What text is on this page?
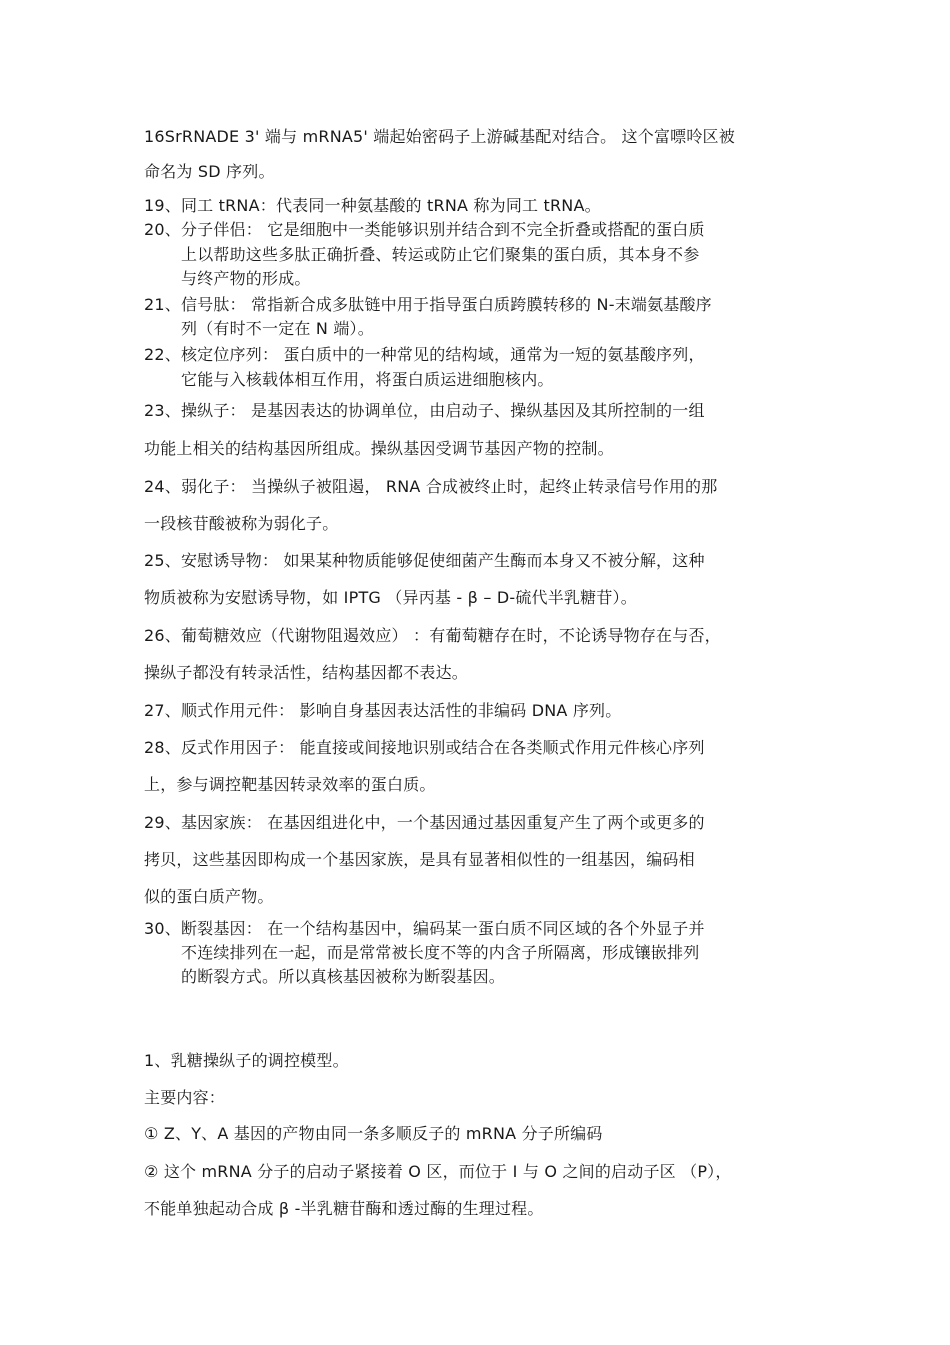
16SrRNADE 3' 端与 mRNA5' 端起始密码子上游碱基配对结合。 这个富嘌呤区被
命名为 SD 序列。
19、同工 tRNA：代表同一种氨基酸的 tRNA 称为同工 tRNA。
20、分子伴侣： 它是细胞中一类能够识别并结合到不完全折叠或搭配的蛋白质
上以帮助这些多肽正确折叠、转运或防止它们聚集的蛋白质，其本身不参
与终产物的形成。
21、信号肽： 常指新合成多肽链中用于指导蛋白质跨膜转移的 N-末端氨基酸序
列（有时不一定在 N 端）。
22、核定位序列： 蛋白质中的一种常见的结构域，通常为一短的氨基酸序列，
它能与入核载体相互作用，将蛋白质运进细胞核内。
23、操纵子： 是基因表达的协调单位，由启动子、操纵基因及其所控制的一组
功能上相关的结构基因所组成。操纵基因受调节基因产物的控制。
24、弱化子： 当操纵子被阻遏， RNA 合成被终止时，起终止转录信号作用的那
一段核苷酸被称为弱化子。
25、安慰诱导物： 如果某种物质能够促使细菌产生酶而本身又不被分解，这种
物质被称为安慰诱导物，如 IPTG （异丙基 - β – D-硫代半乳糖苷）。
26、葡萄糖效应（代谢物阻遏效应） ：有葡萄糖存在时，不论诱导物存在与否，
操纵子都没有转录活性，结构基因都不表达。
27、顺式作用元件： 影响自身基因表达活性的非编码 DNA 序列。
28、反式作用因子： 能直接或间接地识别或结合在各类顺式作用元件核心序列
上，参与调控靶基因转录效率的蛋白质。
29、基因家族： 在基因组进化中，一个基因通过基因重复产生了两个或更多的
拷贝，这些基因即构成一个基因家族，是具有显著相似性的一组基因，编码相
似的蛋白质产物。
30、断裂基因： 在一个结构基因中，编码某一蛋白质不同区域的各个外显子并
不连续排列在一起，而是常常被长度不等的内含子所隔离，形成镶嵌排列
的断裂方式。所以真核基因被称为断裂基因。
1、乳糖操纵子的调控模型。
主要内容：
① Z、Y、A 基因的产物由同一条多顺反子的 mRNA 分子所编码
② 这个 mRNA 分子的启动子紧接着 O 区，而位于 I 与 O 之间的启动子区 （P），
不能单独起动合成 β -半乳糖苷酶和透过酶的生理过程。
